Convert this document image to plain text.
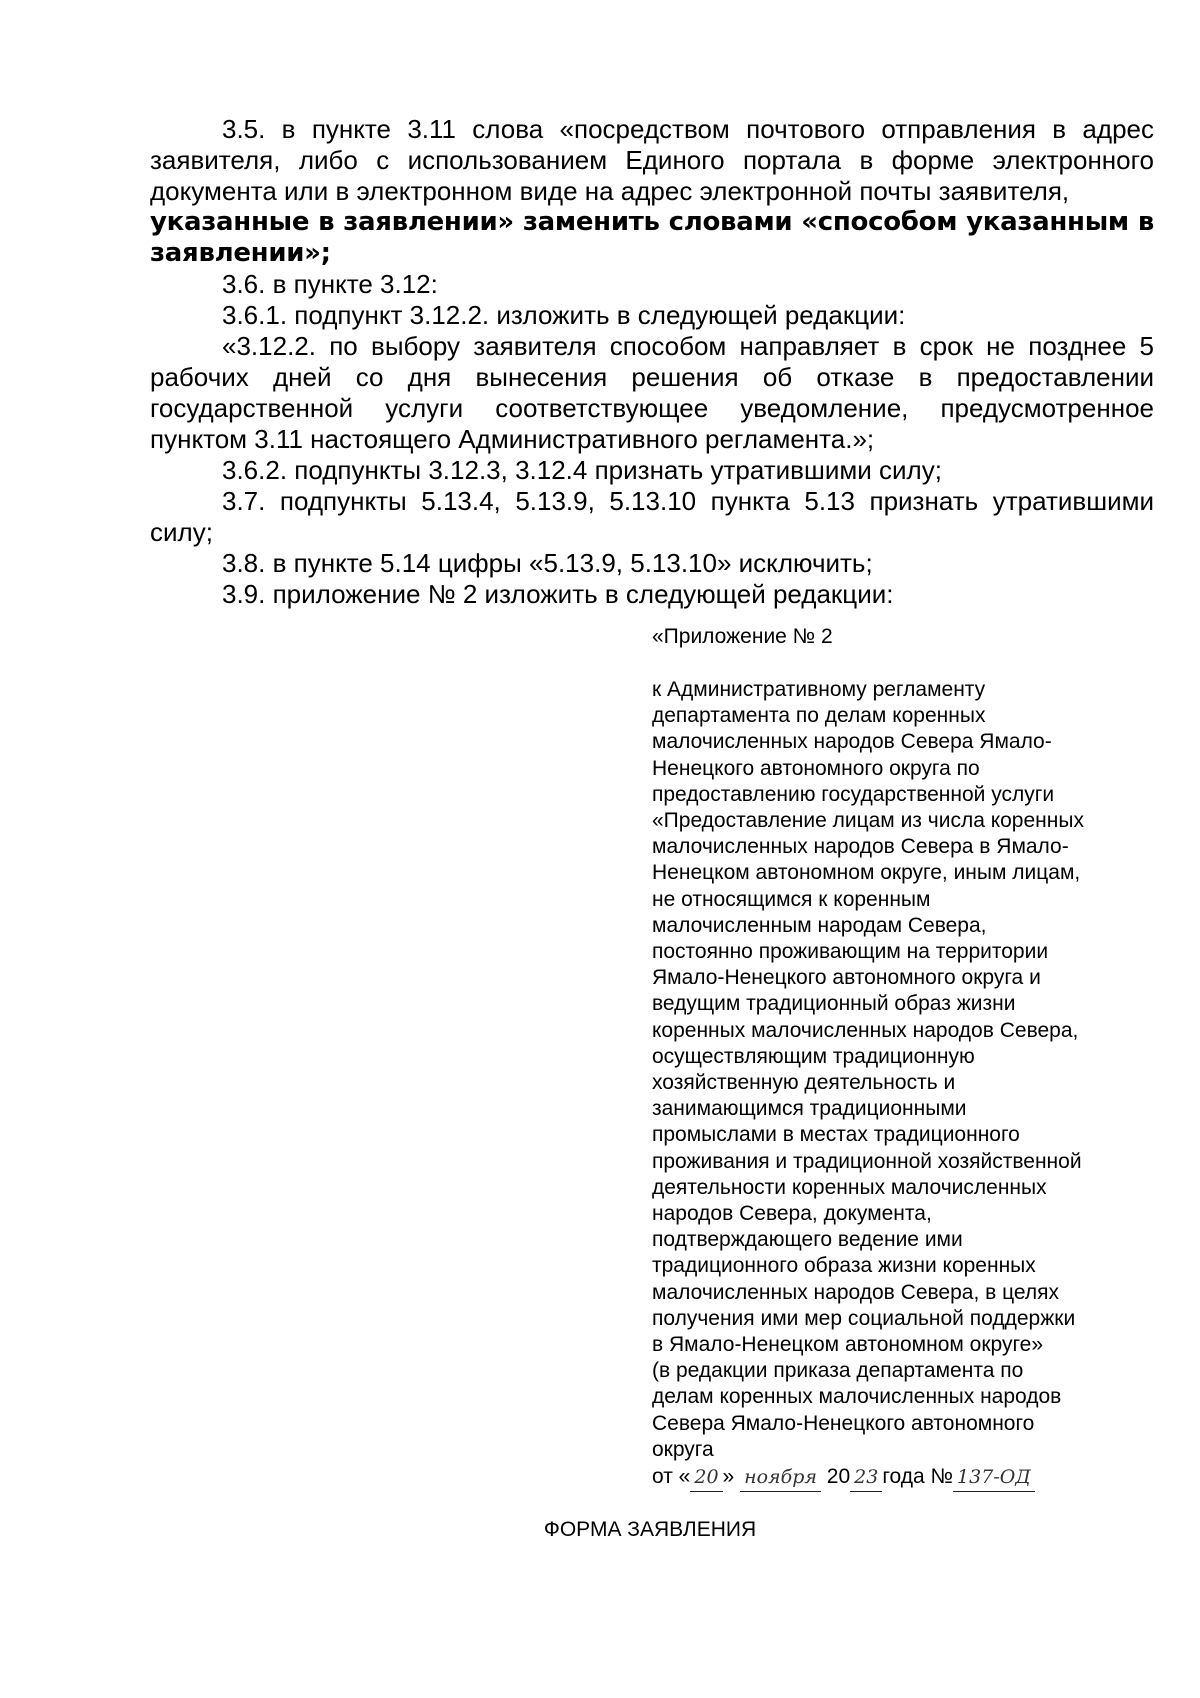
3.5. в пункте 3.11 слова «посредством почтового отправления в адрес заявителя, либо с использованием Единого портала в форме электронного документа или в электронном виде на адрес электронной почты заявителя,

указанные в заявлении» заменить словами «способом указанным в заявлении»;

3.6. в пункте 3.12:

3.6.1. подпункт 3.12.2. изложить в следующей редакции:

«3.12.2. по выбору заявителя способом направляет в срок не позднее 5 рабочих дней со дня вынесения решения об отказе в предоставлении государственной услуги соответствующее уведомление, предусмотренное пунктом 3.11 настоящего Административного регламента.»;

3.6.2. подпункты 3.12.3, 3.12.4 признать утратившими силу;

3.7. подпункты 5.13.4, 5.13.9, 5.13.10 пункта 5.13 признать утратившими силу;

3.8. в пункте 5.14 цифры «5.13.9, 5.13.10» исключить;

3.9. приложение № 2 изложить в следующей редакции:

«Приложение № 2
к Административному регламенту
департамента по делам коренных
малочисленных народов Севера Ямало-
Ненецкого автономного округа по
предоставлению государственной услуги
«Предоставление лицам из числа коренных
малочисленных народов Севера в Ямало-
Ненецком автономном округе, иным лицам,
не относящимся к коренным
малочисленным народам Севера,
постоянно проживающим на территории
Ямало-Ненецкого автономного округа и
ведущим традиционный образ жизни
коренных малочисленных народов Севера,
осуществляющим традиционную
хозяйственную деятельность и
занимающимся традиционными
промыслами в местах традиционного
проживания и традиционной хозяйственной
деятельности коренных малочисленных
народов Севера, документа,
подтверждающего ведение ими
традиционного образа жизни коренных
малочисленных народов Севера, в целях
получения ими мер социальной поддержки
в Ямало-Ненецком автономном округе»
(в редакции приказа департамента по
делам коренных малочисленных народов
Севера Ямало-Ненецкого автономного
округа
от « 20 » ноября 20 23 года № 137-ОД
ФОРМА ЗАЯВЛЕНИЯ
